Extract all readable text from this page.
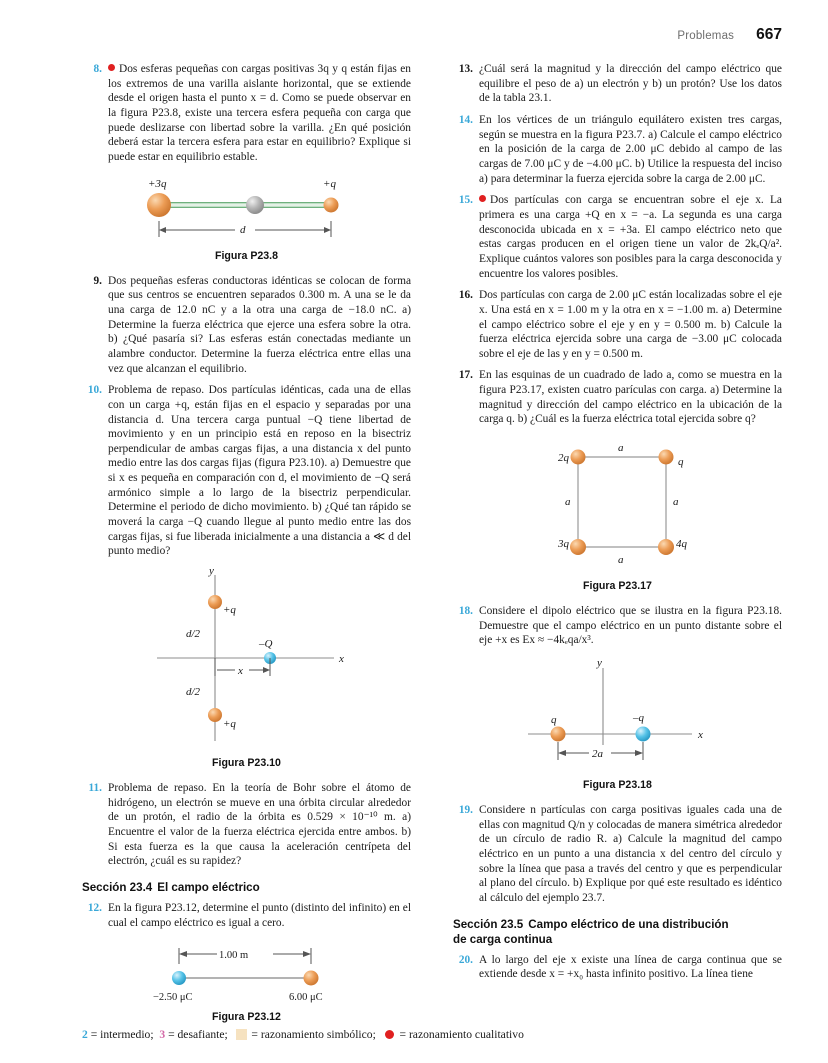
Problemas 667
8.	Dos esferas pequeñas con cargas positivas 3q y q están fijas en los extremos de una varilla aislante horizontal, que se extiende desde el origen hasta el punto x = d. Como se puede observar en la figura P23.8, existe una tercera esfera pequeña con carga que puede deslizarse con libertad sobre la varilla. ¿En qué posición deberá estar la tercera esfera para estar en equilibrio? Explique si puede estar en equilibrio estable.
+3q	+q
d
Figura P23.8
9. Dos pequeñas esferas conductoras idénticas se colocan de forma que sus centros se encuentren separados 0.300 m. A una se le da una carga de 12.0 nC y a la otra una carga de −18.0 nC. a) Determine la fuerza eléctrica que ejerce una esfera sobre la otra. b) ¿Qué pasaría si? Las esferas están conectadas mediante un alambre conductor. Determine la fuerza eléctrica entre ellas una vez que alcanzan el equilibrio.
10. Problema de repaso. Dos partículas idénticas, cada una de ellas con un carga +q, están fijas en el espacio y separadas por una distancia d. Una tercera carga puntual −Q tiene libertad de movimiento y en un principio está en reposo en la bisectriz perpendicular de ambas cargas fijas, a una distancia x del punto medio entre las dos cargas fijas (figura P23.10). a) Demuestre que si x es pequeña en comparación con d, el movimiento de −Q será armónico simple a lo largo de la bisectriz perpendicular. Determine el periodo de dicho movimiento. b) ¿Qué tan rápido se moverá la carga −Q cuando llegue al punto medio entre las dos cargas fijas, si fue liberada inicialmente a una distancia a ≪ d del punto medio?
y
x
+q
+q
–Q
d/2
d/2
x
Figura P23.10
11. Problema de repaso. En la teoría de Bohr sobre el átomo de hidrógeno, un electrón se mueve en una órbita circular alrededor de un protón, el radio de la órbita es 0.529 × 10⁻¹⁰ m. a) Encuentre el valor de la fuerza eléctrica ejercida entre ambos. b) Si esta fuerza es la que causa la aceleración centrípeta del electrón, ¿cuál es su rapidez?
Sección 23.4 El campo eléctrico
12. En la figura P23.12, determine el punto (distinto del infinito) en el cual el campo eléctrico es igual a cero.
1.00 m
−2.50 μC	6.00 μC
Figura P23.12
13. ¿Cuál será la magnitud y la dirección del campo eléctrico que equilibre el peso de a) un electrón y b) un protón? Use los datos de la tabla 23.1.
14. En los vértices de un triángulo equilátero existen tres cargas, según se muestra en la figura P23.7. a) Calcule el campo eléctrico en la posición de la carga de 2.00 μC debido al campo de las cargas de 7.00 μC y de −4.00 μC. b) Utilice la respuesta del inciso a) para determinar la fuerza ejercida sobre la carga de 2.00 μC.
15.	Dos partículas con carga se encuentran sobre el eje x. La primera es una carga +Q en x = −a. La segunda es una carga desconocida ubicada en x = +3a. El campo eléctrico neto que estas cargas producen en el origen tiene un valor de 2kₑQ/a². Explique cuántos valores son posibles para la carga desconocida y encuentre los valores posibles.
16. Dos partículas con carga de 2.00 μC están localizadas sobre el eje x. Una está en x = 1.00 m y la otra en x = −1.00 m. a) Determine el campo eléctrico sobre el eje y en y = 0.500 m. b) Calcule la fuerza eléctrica ejercida sobre una carga de −3.00 μC colocada sobre el eje de las y en y = 0.500 m.
17. En las esquinas de un cuadrado de lado a, como se muestra en la figura P23.17, existen cuatro parículas con carga. a) Determine la magnitud y dirección del campo eléctrico en la ubicación de la carga q. b) ¿Cuál es la fuerza eléctrica total ejercida sobre q?
a
a	a
a
2q	q
3q	4q
Figura P23.17
18. Considere el dipolo eléctrico que se ilustra en la figura P23.18. Demuestre que el campo eléctrico en un punto distante sobre el eje +x es Ex ≈ −4kₑqa/x³.
y
x
q	–q
2a
Figura P23.18
19. Considere n partículas con carga positivas iguales cada una de ellas con magnitud Q/n y colocadas de manera simétrica alrededor de un círculo de radio R. a) Calcule la magnitud del campo eléctrico en un punto a una distancia x del centro del círculo y sobre la línea que pasa a través del centro y que es perpendicular al plano del círculo. b) Explique por qué este resultado es idéntico al cálculo del ejemplo 23.7.
Sección 23.5 Campo eléctrico de una distribución
de carga continua
20. A lo largo del eje x existe una línea de carga continua que se extiende desde x = +x₀ hasta infinito positivo. La línea tiene
2 = intermedio; 3 = desafiante; = razonamiento simbólico; = razonamiento cualitativo
